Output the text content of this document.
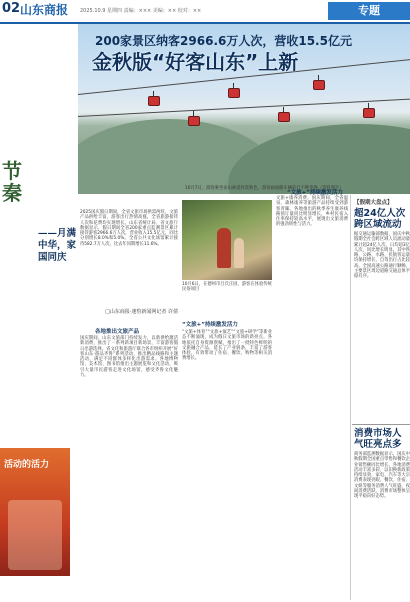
02 山东商报 2025.10.9 星期四 责编：××× 美编：×× 校对：××	专题
200家景区纳客2966.6万人次，营收15.5亿元
金秋版“好客山东”上新
10月7日，游客乘坐泰山索道欣赏秋色，游客画面随车辆前行不断变换（资料图片）
节秦
——月满中华，家国同庆
活动的活力
2025国庆假日期间，全省文旅市场供需两旺，文旅产品供给丰富，游客出行热情高涨，全省旅游接待人次和花费均实现增长。山东省统计局、省文旅厅数据显示，假日期间全省200家重点监测景区累计接待游客2966.6万人次，营业收入15.5亿元，同比分别增长8.0%和5.0%。全省公共文化场馆累计接待582.7万人次，比去年同期增长11.6%。
□山东商报·速豹新闻网记者 许倩
各地推出文旅产品
国庆期间，山东文旅部门持续发力，以新供给激活新消费，推出了一系列新项目新场景，丰富游客假日出游选择。省文化和旅游厅联合各市组织开展“好客山东·游品齐鲁”系列活动，推出精品线路和主题活动，满足不同群体多样化出游需求。各地博物馆、美术馆、图书馆推出主题展览和文化活动，吸引大量市民游客走进文化场馆，感受齐鲁文化魅力。
10月6日，在德州市吕氏庄园，游客在体验传统民俗项目
“文旅+”持续激发活力
“文旅+体育”“文旅+演艺”“文旅+研学”等新业态不断涌现，成为假日文旅市场的新亮点。各地依托自身资源禀赋，推出了一批特色鲜明的文旅融合产品，延长了产业链条，丰富了游客体验，有效带动了住宿、餐饮、购物等相关消费增长。
“文旅+”持续激发活力
文旅+康养消费。国庆期间，全省温泉、森林康养等旅游产品持续受到游客青睐。各地推出的秋季养生康养线路预订量同比明显增长，乡村民宿入住率保持较高水平，展现出文旅消费的强劲韧性与活力。
【假期大盘点】
超24亿人次跨区域流动
据交通运输部数据，国庆中秋假期全社会跨区域人员流动量累计超24亿人次，日均超3亿人次，同比增长明显。其中铁路、公路、水路、民航客运量均保持增长，自驾出行占比较高。全国高速公路通行顺畅，主要景区周边道路交通总体平稳有序。
消费市场人气旺亮点多
商务部监测数据显示，国庆中秋假期全国重点零售和餐饮企业销售额同比增长。各地消费活动丰富多彩，以旧换新政策持续显效，家电、汽车等大宗消费表现亮眼，餐饮、住宿、文娱等服务消费人气旺盛，夜间消费活跃，消费市场整体呈现平稳向好态势。
